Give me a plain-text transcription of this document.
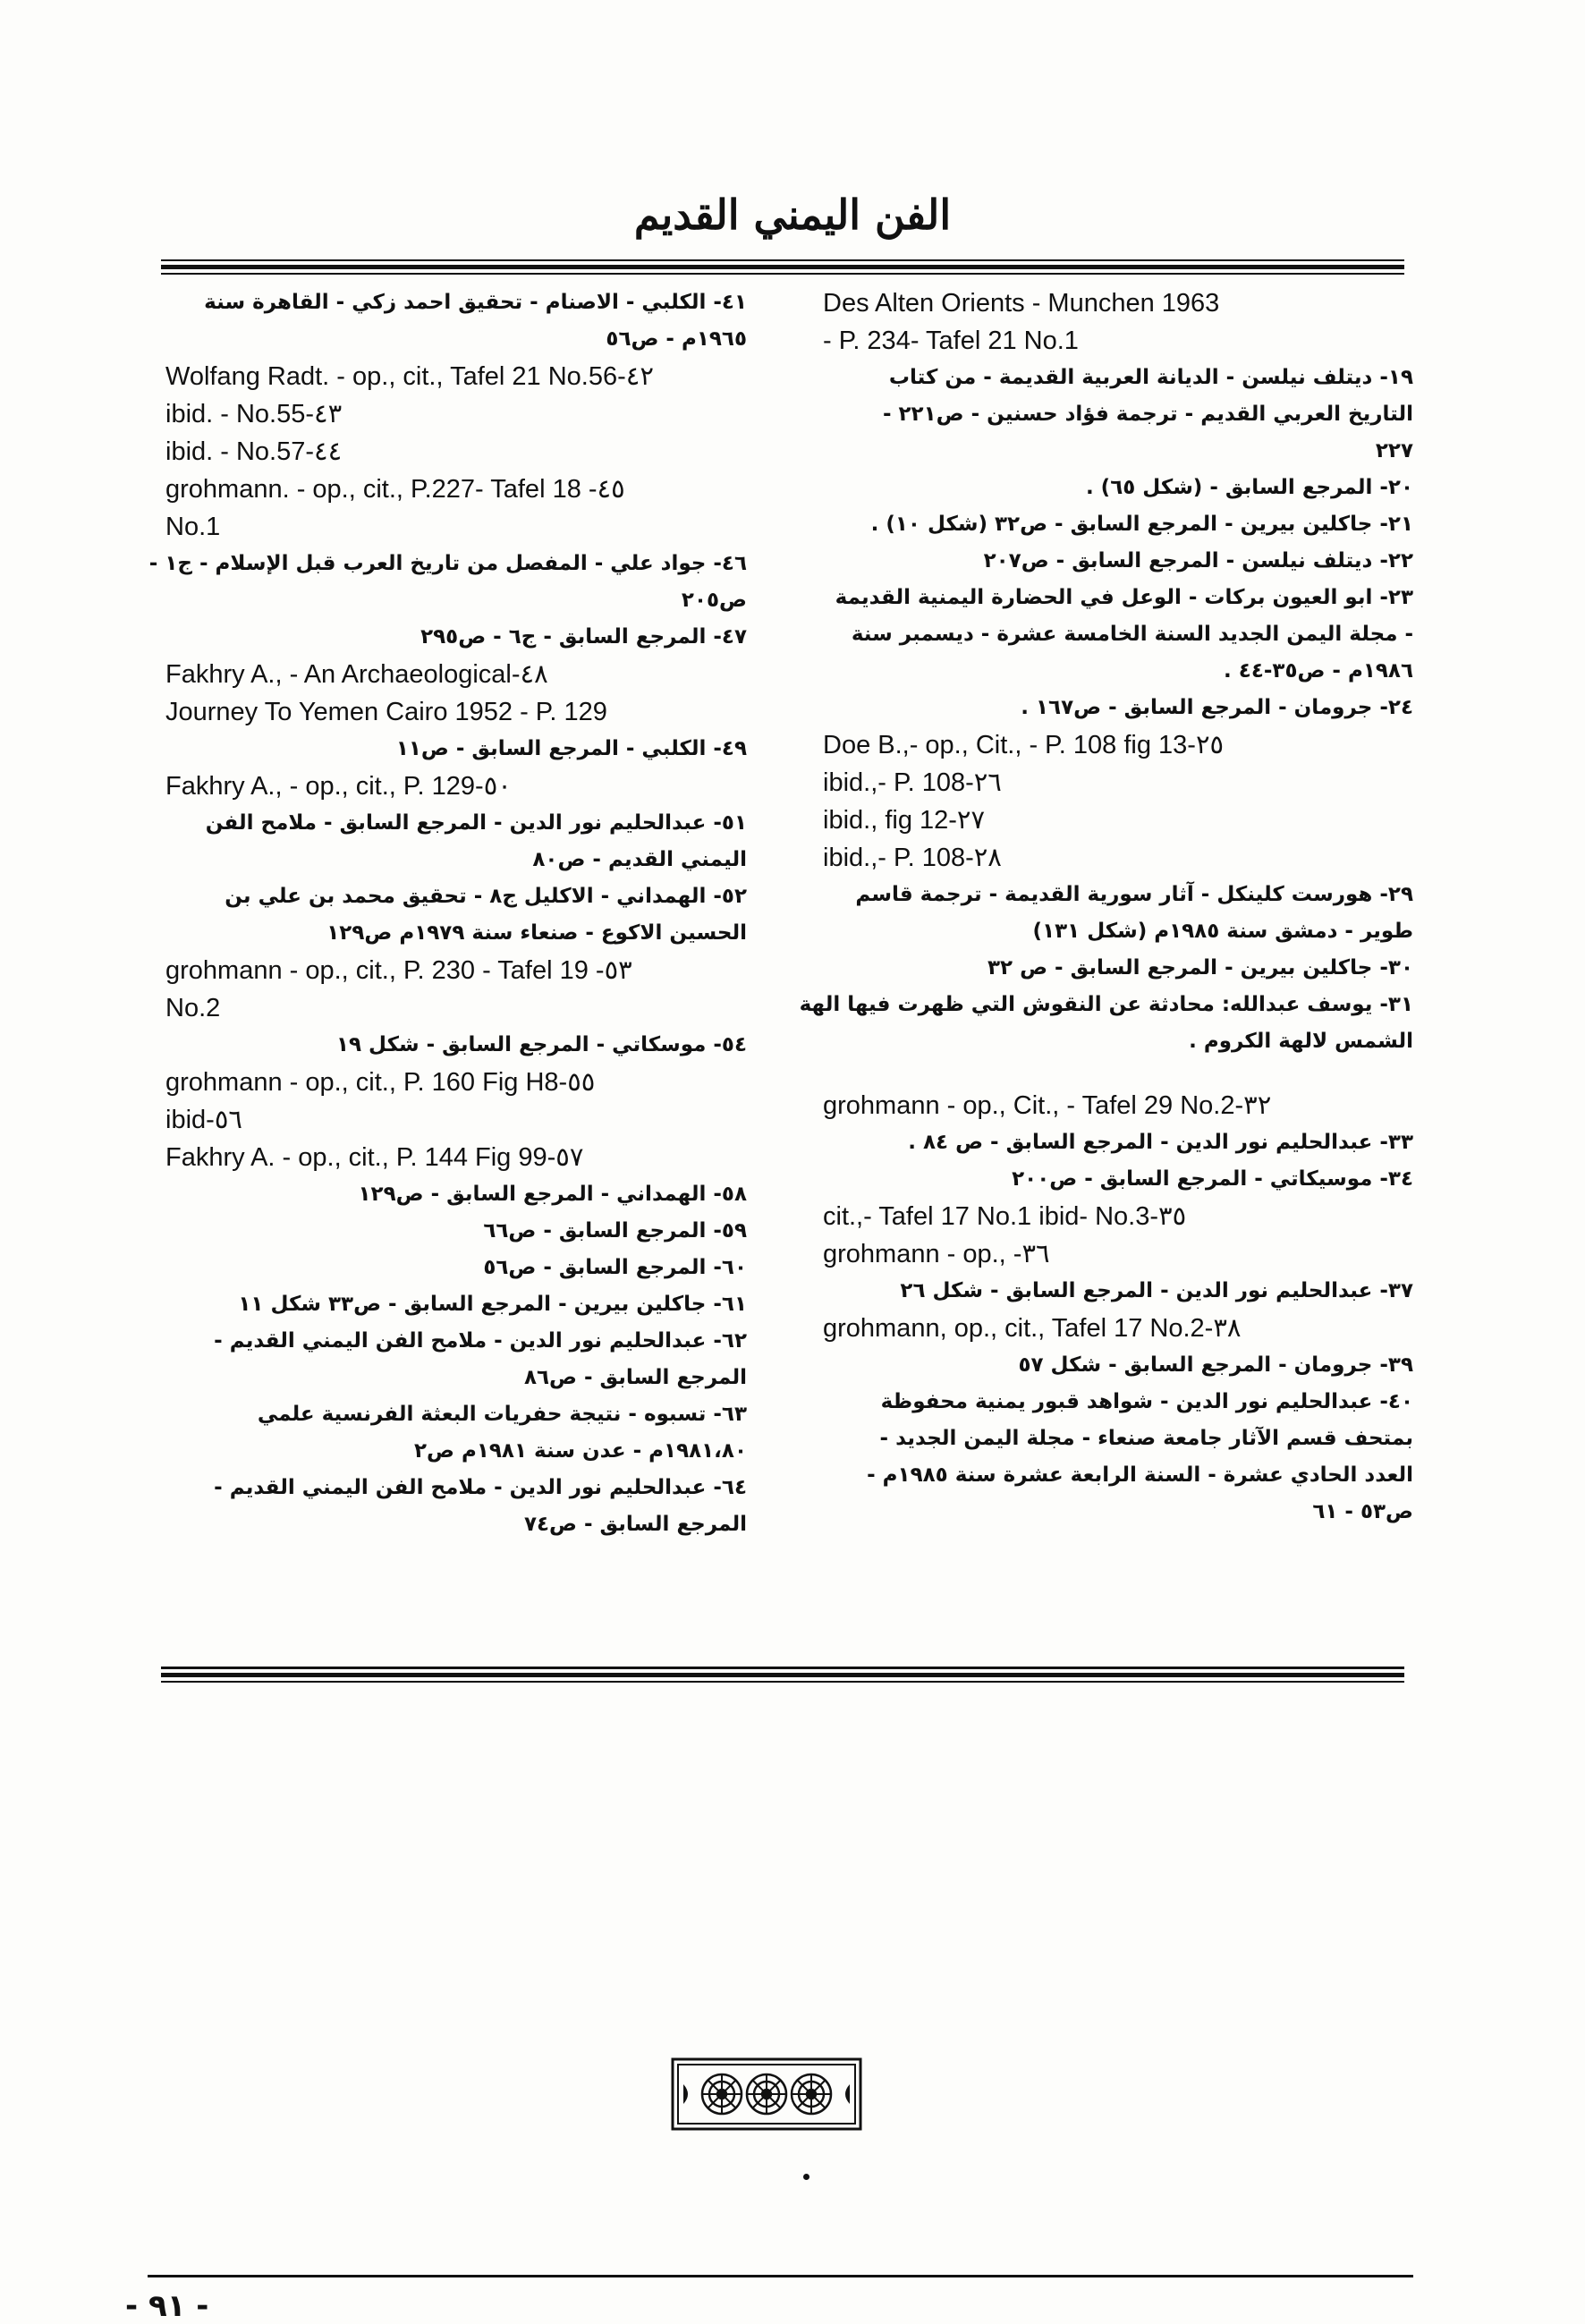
الفن اليمني القديم
Des Alten Orients - Munchen 1963
- P. 234- Tafel 21 No.1
١٩- ديتلف نيلسن - الديانة العربية القديمة - من كتاب
التاريخ العربي القديم - ترجمة فؤاد حسنين - ص٢٢١ -
٢٢٧
٢٠- المرجع السابق - (شكل ٦٥) .
٢١- جاكلين بيرين - المرجع السابق - ص٣٢ (شكل ١٠) .
٢٢- ديتلف نيلسن - المرجع السابق - ص٢٠٧
٢٣- ابو العيون بركات - الوعل في الحضارة اليمنية القديمة
- مجلة اليمن الجديد السنة الخامسة عشرة - ديسمبر سنة
١٩٨٦م - ص٣٥-٤٤ .
٢٤- جرومان - المرجع السابق - ص١٦٧ .
Doe B.,- op., Cit., - P. 108 fig 13-٢٥
ibid.,- P. 108-٢٦
ibid., fig 12-٢٧
ibid.,- P. 108-٢٨
٢٩- هورست كلينكل - آثار سورية القديمة - ترجمة قاسم
طوير - دمشق سنة ١٩٨٥م (شكل ١٣١)
٣٠- جاكلين بيرين - المرجع السابق - ص ٣٢
٣١- يوسف عبدالله: محادثة عن النقوش التي ظهرت فيها الهة
الشمس لالهة الكروم .
grohmann - op., Cit., - Tafel 29 No.2-٣٢
٣٣- عبدالحليم نور الدين - المرجع السابق - ص ٨٤ .
٣٤- موسيكاتي - المرجع السابق - ص٢٠٠
cit.,- Tafel 17 No.1 ibid- No.3-٣٥
grohmann - op., -٣٦
٣٧- عبدالحليم نور الدين - المرجع السابق - شكل ٢٦
grohmann, op., cit., Tafel 17 No.2-٣٨
٣٩- جرومان - المرجع السابق - شكل ٥٧
٤٠- عبدالحليم نور الدين - شواهد قبور يمنية محفوظة
بمتحف قسم الآثار جامعة صنعاء - مجلة اليمن الجديد -
العدد الحادي عشرة - السنة الرابعة عشرة سنة ١٩٨٥م -
ص٥٣ - ٦١
٤١- الكلبي - الاصنام - تحقيق احمد زكي - القاهرة سنة
١٩٦٥م - ص٥٦
Wolfang Radt. - op., cit., Tafel 21 No.56-٤٢
ibid. - No.55-٤٣
ibid. - No.57-٤٤
grohmann. - op., cit., P.227- Tafel 18 -٤٥
No.1
٤٦- جواد علي - المفصل من تاريخ العرب قبل الإسلام - ج١ -
ص٢٠٥
٤٧- المرجع السابق - ج٦ - ص٢٩٥
Fakhry A., - An Archaeological-٤٨
Journey To Yemen Cairo 1952 - P. 129
٤٩- الكلبي - المرجع السابق - ص١١
Fakhry A., - op., cit., P. 129-٥٠
٥١- عبدالحليم نور الدين - المرجع السابق - ملامح الفن
اليمني القديم - ص٨٠
٥٢- الهمداني - الاكليل ج٨ - تحقيق محمد بن علي بن
الحسين الاكوع - صنعاء سنة ١٩٧٩م ص١٢٩
grohmann - op., cit., P. 230 - Tafel 19 -٥٣
No.2
٥٤- موسكاتي - المرجع السابق - شكل ١٩
grohmann - op., cit., P. 160 Fig H8-٥٥
ibid-٥٦
Fakhry A. - op., cit., P. 144 Fig 99-٥٧
٥٨- الهمداني - المرجع السابق - ص١٢٩
٥٩- المرجع السابق - ص٦٦
٦٠- المرجع السابق - ص٥٦
٦١- جاكلين بيرين - المرجع السابق - ص٣٣ شكل ١١
٦٢- عبدالحليم نور الدين - ملامح الفن اليمني القديم -
المرجع السابق - ص٨٦
٦٣- تسبوه - نتيجة حفريات البعثة الفرنسية علمي
١٩٨١،٨٠م - عدن سنة ١٩٨١م ص٢
٦٤- عبدالحليم نور الدين - ملامح الفن اليمني القديم -
المرجع السابق - ص٧٤
- ٩١ -
